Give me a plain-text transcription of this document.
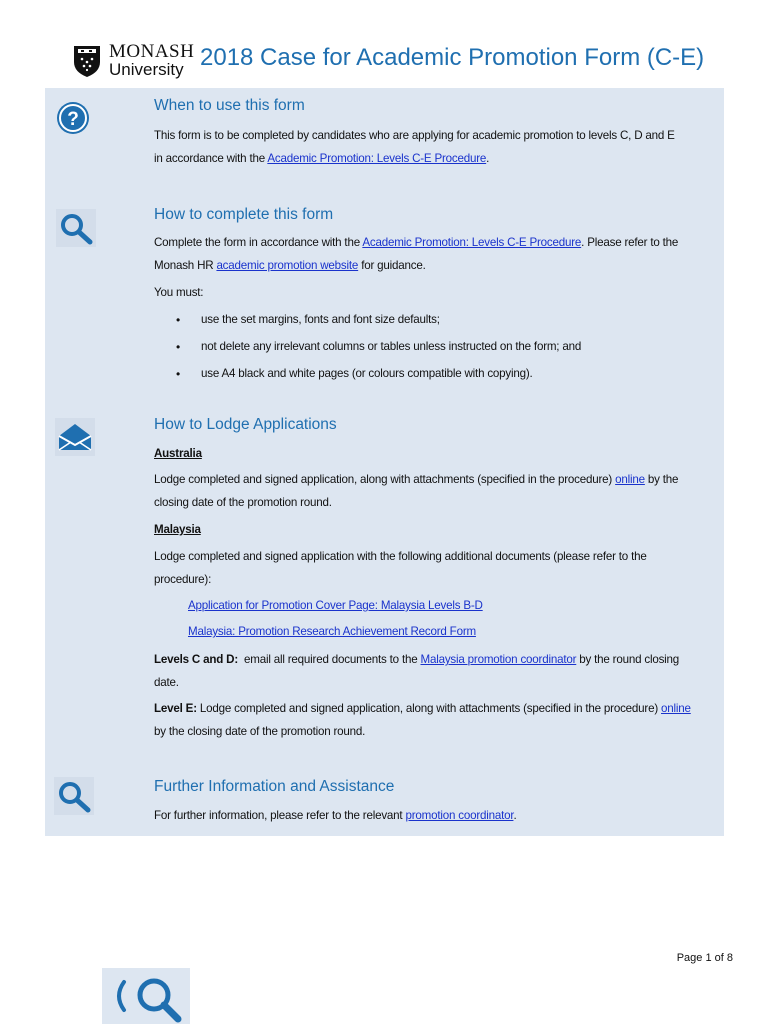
MONASH
University 2018 Case for Academic Promotion Form (C-E)
?
When to use this form
This form is to be completed by candidates who are applying for academic promotion to levels C, D and E
in accordance with the Academic Promotion: Levels C-E Procedure.
How to complete this form
Complete the form in accordance with the Academic Promotion: Levels C-E Procedure. Please refer to the
Monash HR academic promotion website for guidance.
You must:
• use the set margins, fonts and font size defaults;
• not delete any irrelevant columns or tables unless instructed on the form; and
• use A4 black and white pages (or colours compatible with copying).
How to Lodge Applications
Australia
Lodge completed and signed application, along with attachments (specified in the procedure) online by the
closing date of the promotion round.
Malaysia
Lodge completed and signed application with the following additional documents (please refer to the
procedure):
Application for Promotion Cover Page: Malaysia Levels B-D
Malaysia: Promotion Research Achievement Record Form
Levels C and D:  email all required documents to the Malaysia promotion coordinator by the round closing
date.
Level E: Lodge completed and signed application, along with attachments (specified in the procedure) online
by the closing date of the promotion round.
Further Information and Assistance
For further information, please refer to the relevant promotion coordinator.
Page 1 of 8
